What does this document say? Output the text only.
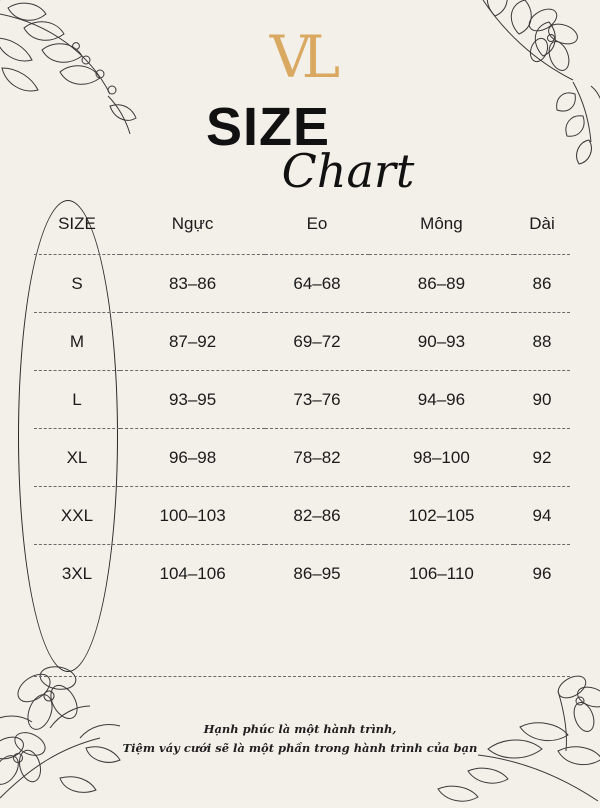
VL
SIZE
Chart
SIZE	Ngực	Eo	Mông	Dài
S	83–86	64–68	86–89	86
M	87–92	69–72	90–93	88
L	93–95	73–76	94–96	90
XL	96–98	78–82	98–100	92
XXL	100–103	82–86	102–105	94
3XL	104–106	86–95	106–110	96
Hạnh phúc là một hành trình,
Tiệm váy cưới sẽ là một phần trong hành trình của bạn
